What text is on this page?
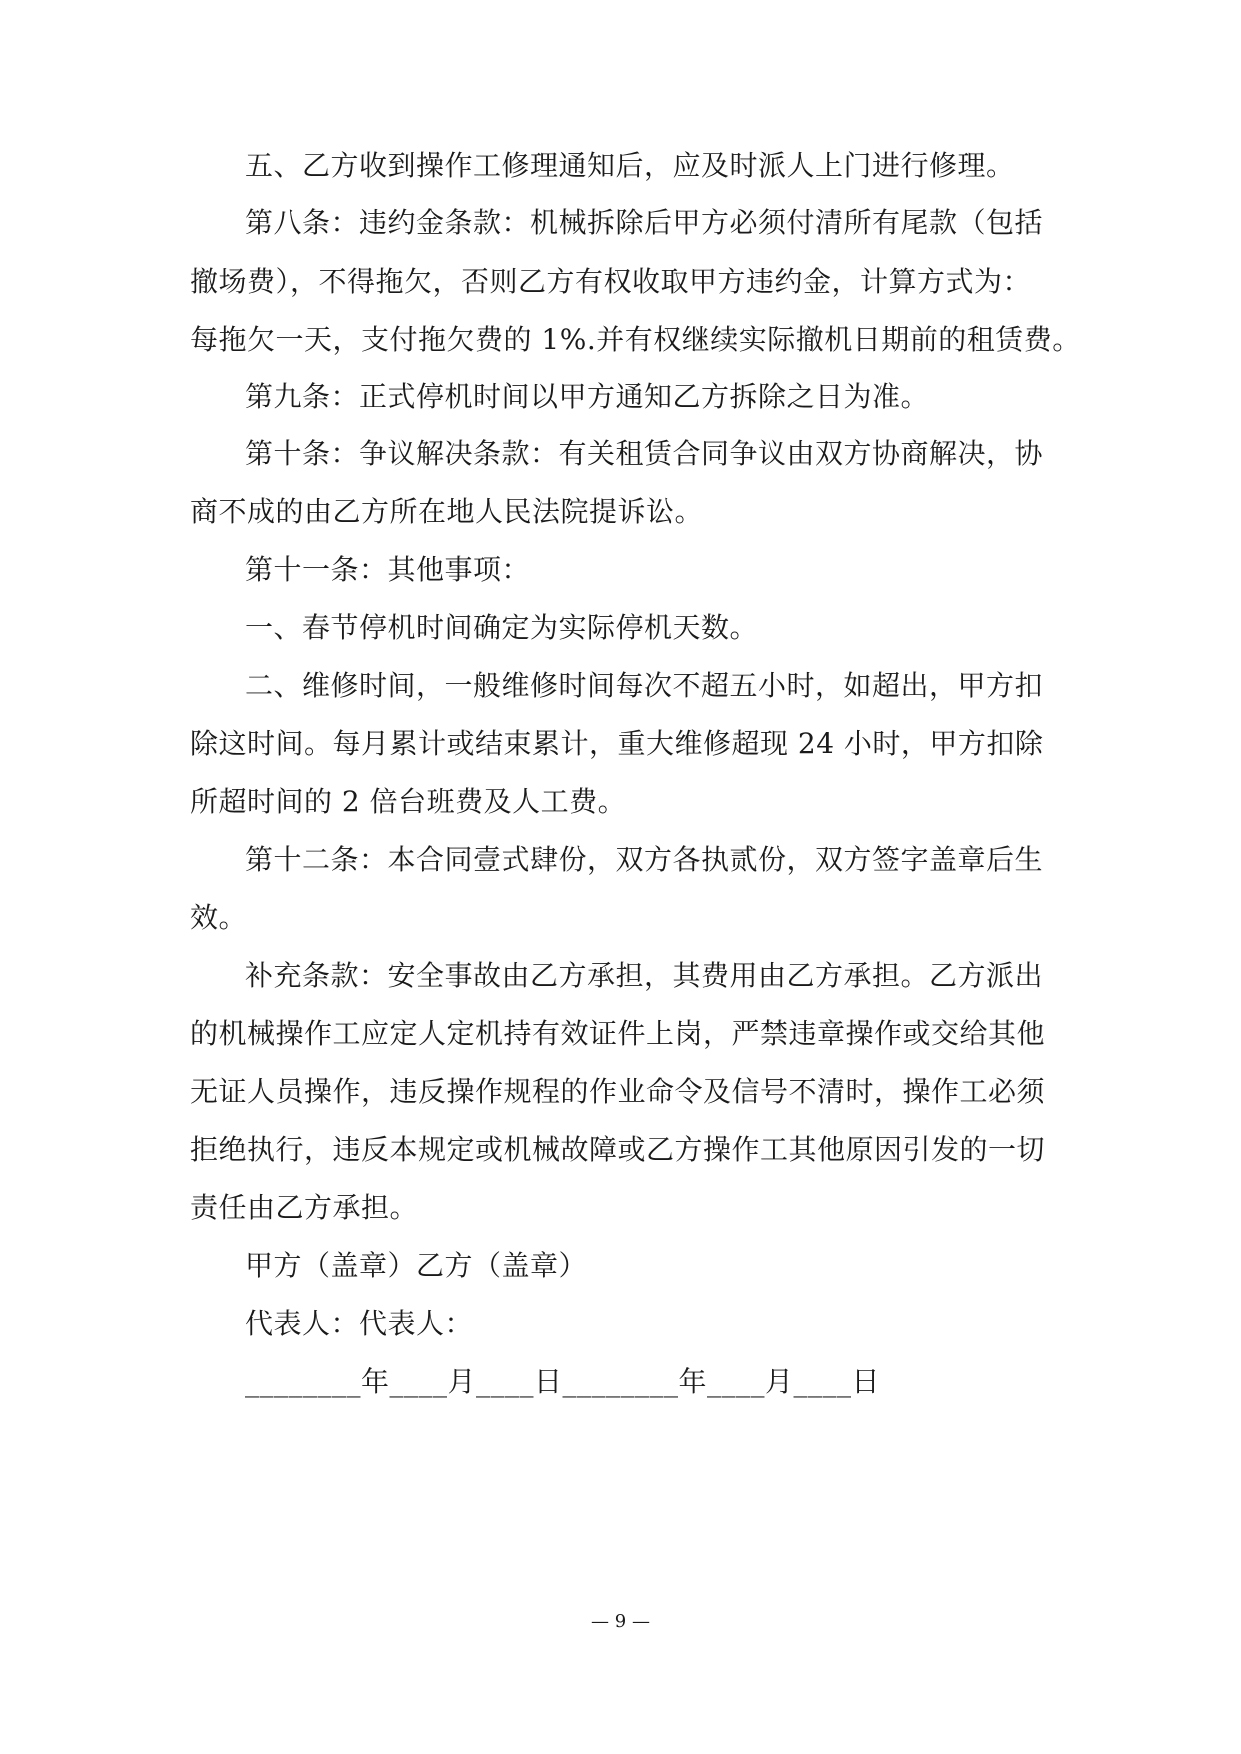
五、乙方收到操作工修理通知后，应及时派人上门进行修理。
第八条：违约金条款：机械拆除后甲方必须付清所有尾款（包括
撤场费），不得拖欠，否则乙方有权收取甲方违约金，计算方式为：
每拖欠一天，支付拖欠费的 1%.并有权继续实际撤机日期前的租赁费。
第九条：正式停机时间以甲方通知乙方拆除之日为准。
第十条：争议解决条款：有关租赁合同争议由双方协商解决，协
商不成的由乙方所在地人民法院提诉讼。
第十一条：其他事项：
一、春节停机时间确定为实际停机天数。
二、维修时间，一般维修时间每次不超五小时，如超出，甲方扣
除这时间。每月累计或结束累计，重大维修超现 24 小时，甲方扣除
所超时间的 2 倍台班费及人工费。
第十二条：本合同壹式肆份，双方各执贰份，双方签字盖章后生
效。
补充条款：安全事故由乙方承担，其费用由乙方承担。乙方派出
的机械操作工应定人定机持有效证件上岗，严禁违章操作或交给其他
无证人员操作，违反操作规程的作业命令及信号不清时，操作工必须
拒绝执行，违反本规定或机械故障或乙方操作工其他原因引发的一切
责任由乙方承担。
甲方（盖章）乙方（盖章）
代表人：代表人：
________年____月____日________年____月____日
— 9 —
